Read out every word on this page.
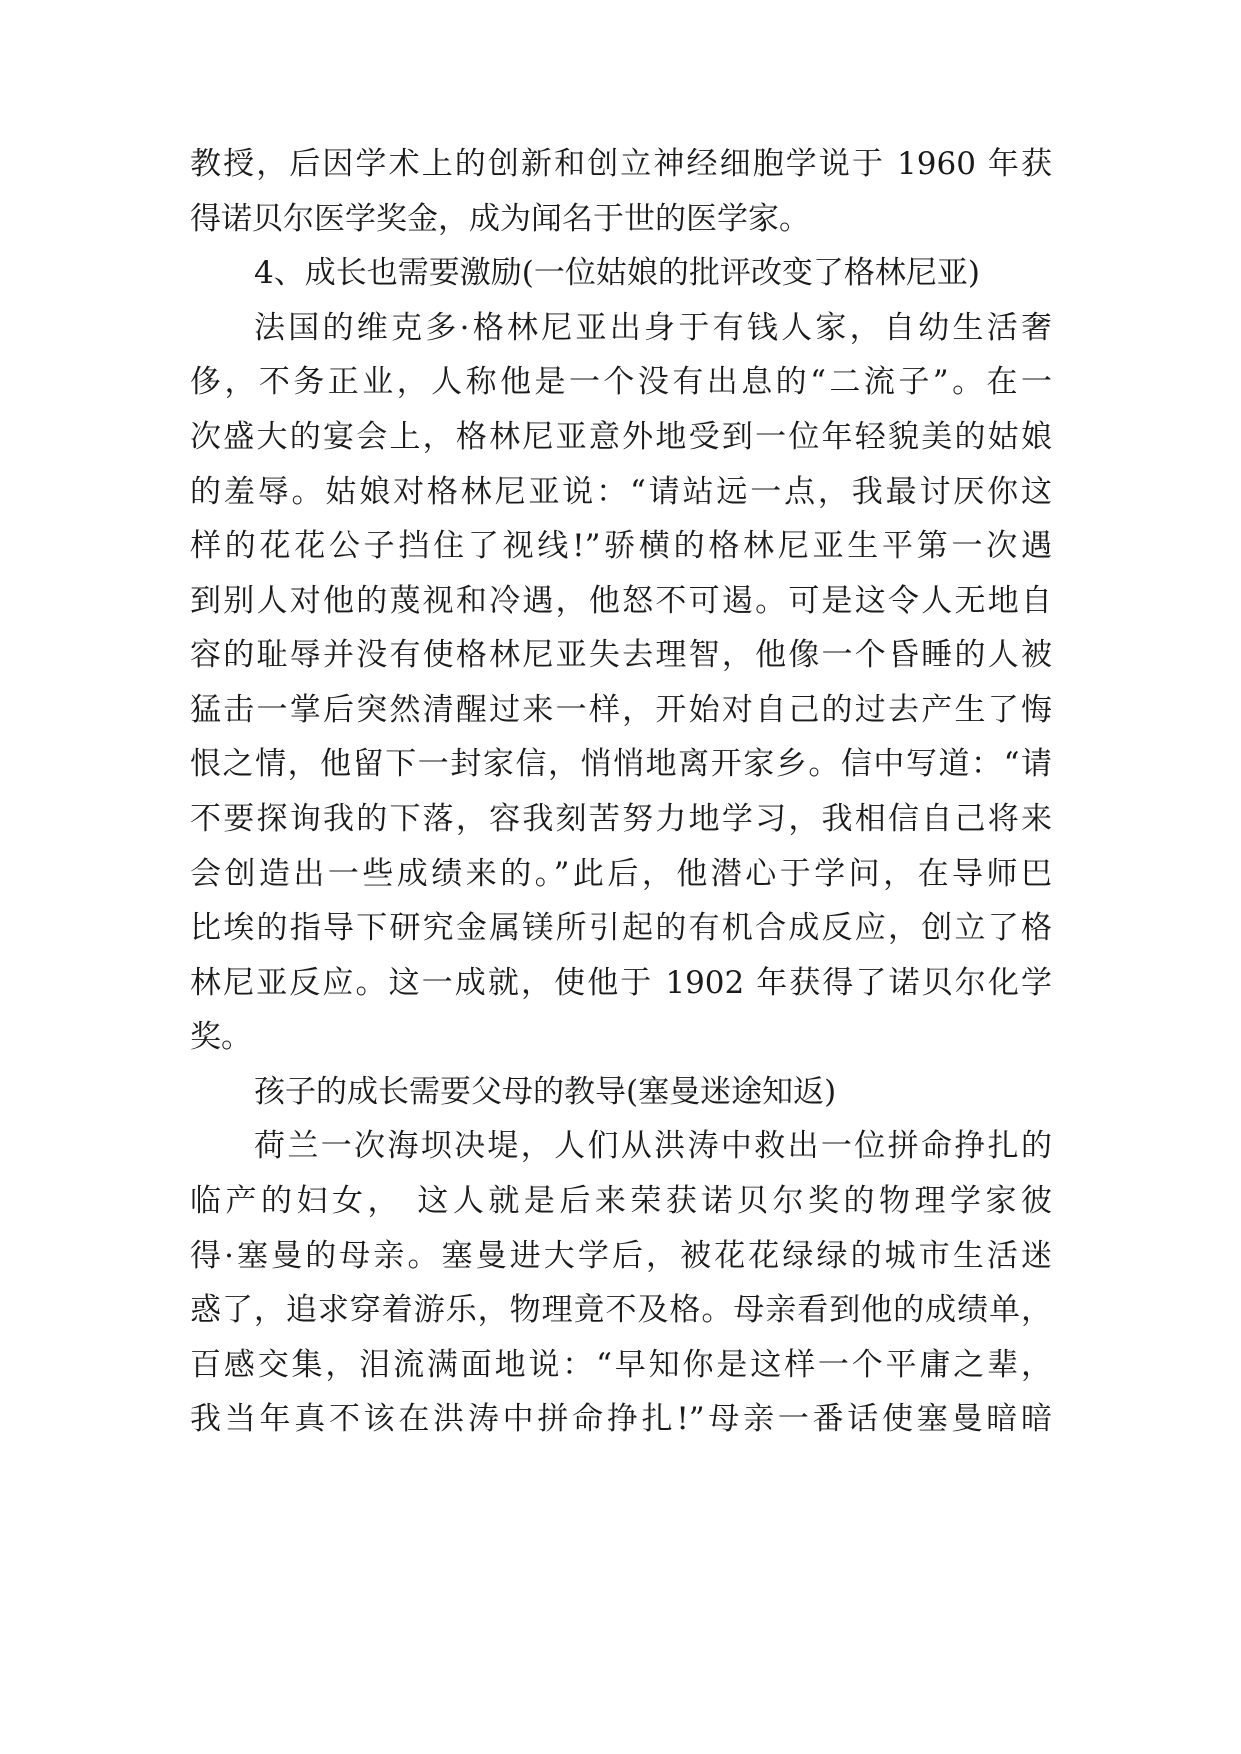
教授，后因学术上的创新和创立神经细胞学说于 1960 年获
得诺贝尔医学奖金，成为闻名于世的医学家。
4、成长也需要激励(一位姑娘的批评改变了格林尼亚)
法国的维克多·格林尼亚出身于有钱人家，自幼生活奢
侈，不务正业，人称他是一个没有出息的“二流子”。在一
次盛大的宴会上，格林尼亚意外地受到一位年轻貌美的姑娘
的羞辱。姑娘对格林尼亚说：“请站远一点，我最讨厌你这
样的花花公子挡住了视线!”骄横的格林尼亚生平第一次遇
到别人对他的蔑视和冷遇，他怒不可遏。可是这令人无地自
容的耻辱并没有使格林尼亚失去理智，他像一个昏睡的人被
猛击一掌后突然清醒过来一样，开始对自己的过去产生了悔
恨之情，他留下一封家信，悄悄地离开家乡。信中写道：“请
不要探询我的下落，容我刻苦努力地学习，我相信自己将来
会创造出一些成绩来的。”此后，他潜心于学问，在导师巴
比埃的指导下研究金属镁所引起的有机合成反应，创立了格
林尼亚反应。这一成就，使他于 1902 年获得了诺贝尔化学
奖。
孩子的成长需要父母的教导(塞曼迷途知返)
荷兰一次海坝决堤，人们从洪涛中救出一位拼命挣扎的
临产的妇女， 这人就是后来荣获诺贝尔奖的物理学家彼
得·塞曼的母亲。塞曼进大学后，被花花绿绿的城市生活迷
惑了，追求穿着游乐，物理竟不及格。母亲看到他的成绩单，
百感交集，泪流满面地说：“早知你是这样一个平庸之辈，
我当年真不该在洪涛中拼命挣扎!”母亲一番话使塞曼暗暗
